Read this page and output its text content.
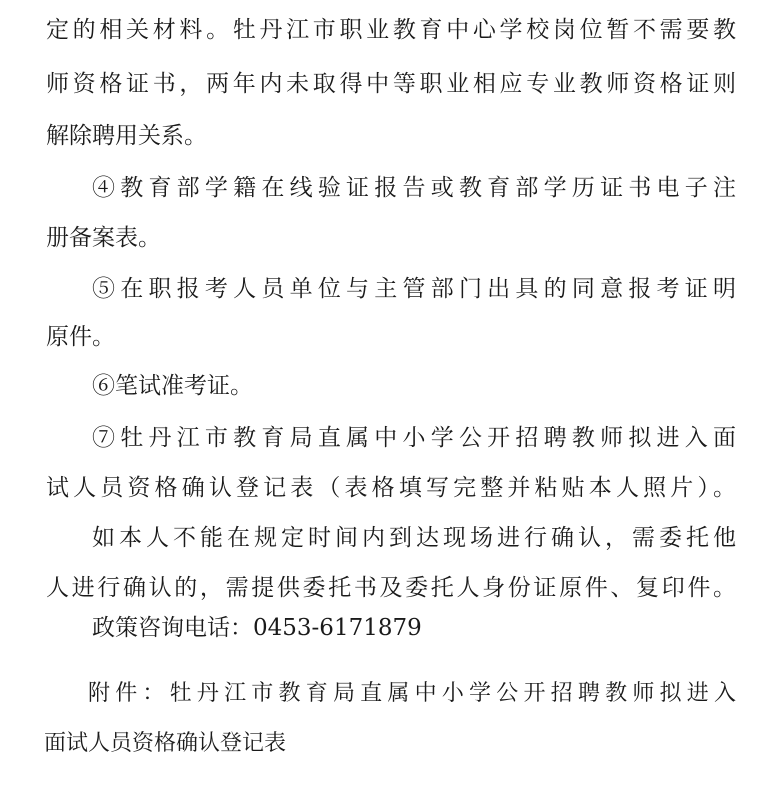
定的相关材料。牡丹江市职业教育中心学校岗位暂不需要教
师资格证书，两年内未取得中等职业相应专业教师资格证则
解除聘用关系。
④教育部学籍在线验证报告或教育部学历证书电子注
册备案表。
⑤在职报考人员单位与主管部门出具的同意报考证明
原件。
⑥笔试准考证。
⑦牡丹江市教育局直属中小学公开招聘教师拟进入面
试人员资格确认登记表（表格填写完整并粘贴本人照片）。
如本人不能在规定时间内到达现场进行确认，需委托他
人进行确认的，需提供委托书及委托人身份证原件、复印件。
政策咨询电话：0453-6171879
附件：牡丹江市教育局直属中小学公开招聘教师拟进入
面试人员资格确认登记表
